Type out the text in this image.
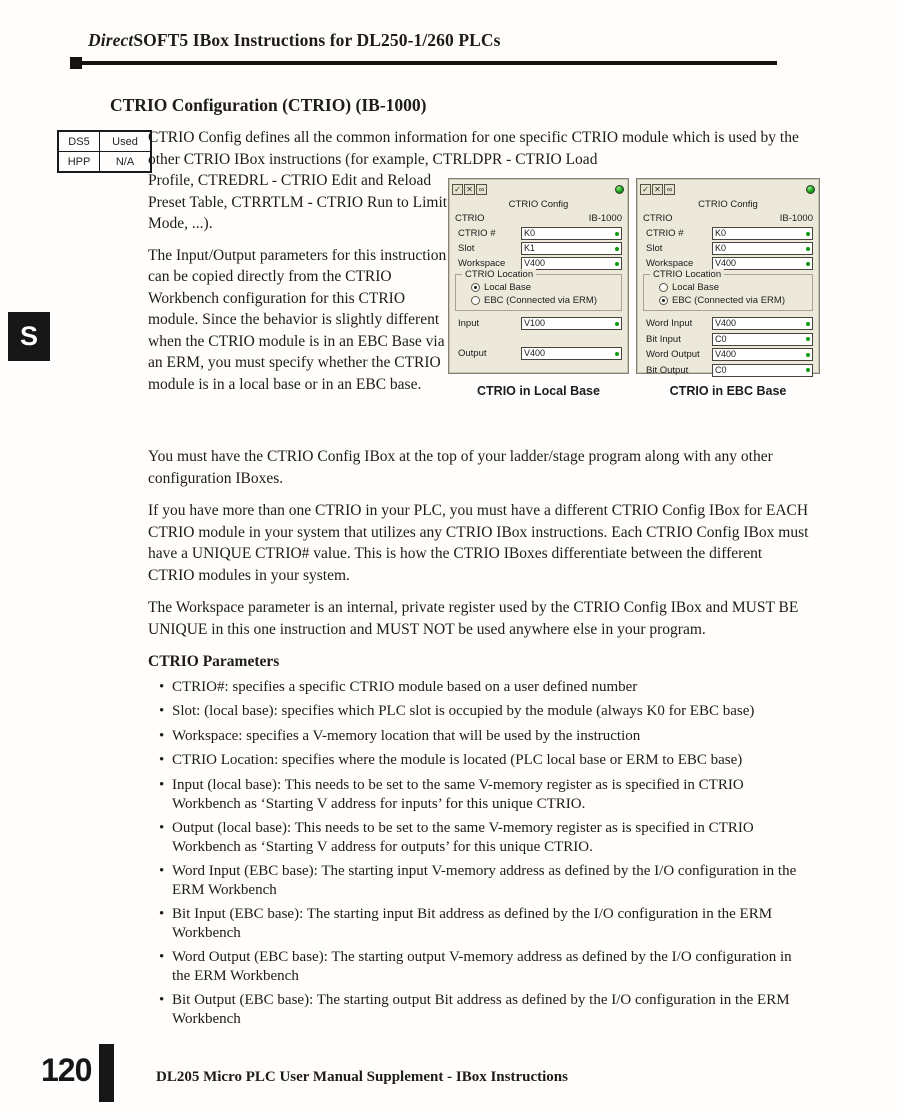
DirectSOFT5 IBox Instructions for DL250-1/260 PLCs
S
CTRIO Configuration (CTRIO) (IB-1000)
DS5	Used
HPP	N/A

CTRIO Config defines all the common information for one specific CTRIO module which is used by the other CTRIO IBox instructions (for example, CTRLDPR - CTRIO Load

Profile, CTREDRL - CTRIO Edit and Reload Preset Table, CTRRTLM - CTRIO Run to Limit Mode, ...).

The Input/Output parameters for this instruction can be copied directly from the CTRIO Workbench configuration for this CTRIO module. Since the behavior is slightly different when the CTRIO module is in an EBC Base via an ERM, you must specify whether the CTRIO module is in a local base or in an EBC base.

✓ ✕ ∞
CTRIO Config
CTRIO	IB-1000
CTRIO #	K0
Slot	K1
Workspace	V400
CTRIO Location
Local Base
EBC (Connected via ERM)
Input	V100
Output	V400
CTRIO in Local Base
✓ ✕ ∞
CTRIO Config
CTRIO	IB-1000
CTRIO #	K0
Slot	K0
Workspace	V400
CTRIO Location
Local Base
EBC (Connected via ERM)
Word Input	V400
Bit Input	C0
Word Output	V400
Bit Output	C0
CTRIO in EBC Base

You must have the CTRIO Config IBox at the top of your ladder/stage program along with any other configuration IBoxes.

If you have more than one CTRIO in your PLC, you must have a different CTRIO Config IBox for EACH CTRIO module in your system that utilizes any CTRIO IBox instructions. Each CTRIO Config IBox must have a UNIQUE CTRIO# value. This is how the CTRIO IBoxes differentiate between the different CTRIO modules in your system.

The Workspace parameter is an internal, private register used by the CTRIO Config IBox and MUST BE UNIQUE in this one instruction and MUST NOT be used anywhere else in your program.

CTRIO Parameters
• CTRIO#: specifies a specific CTRIO module based on a user defined number
• Slot: (local base): specifies which PLC slot is occupied by the module (always K0 for EBC base)
• Workspace: specifies a V-memory location that will be used by the instruction
• CTRIO Location: specifies where the module is located (PLC local base or ERM to EBC base)
• Input (local base): This needs to be set to the same V-memory register as is specified in CTRIO Workbench as ‘Starting V address for inputs’ for this unique CTRIO.
• Output (local base): This needs to be set to the same V-memory register as is specified in CTRIO Workbench as ‘Starting V address for outputs’ for this unique CTRIO.
• Word Input (EBC base): The starting input V-memory address as defined by the I/O configuration in the ERM Workbench
• Bit Input (EBC base): The starting input Bit address as defined by the I/O configuration in the ERM Workbench
• Word Output (EBC base): The starting output V-memory address as defined by the I/O configuration in the ERM Workbench
• Bit Output (EBC base): The starting output Bit address as defined by the I/O configuration in the ERM Workbench
120	DL205 Micro PLC User Manual Supplement - IBox Instructions
